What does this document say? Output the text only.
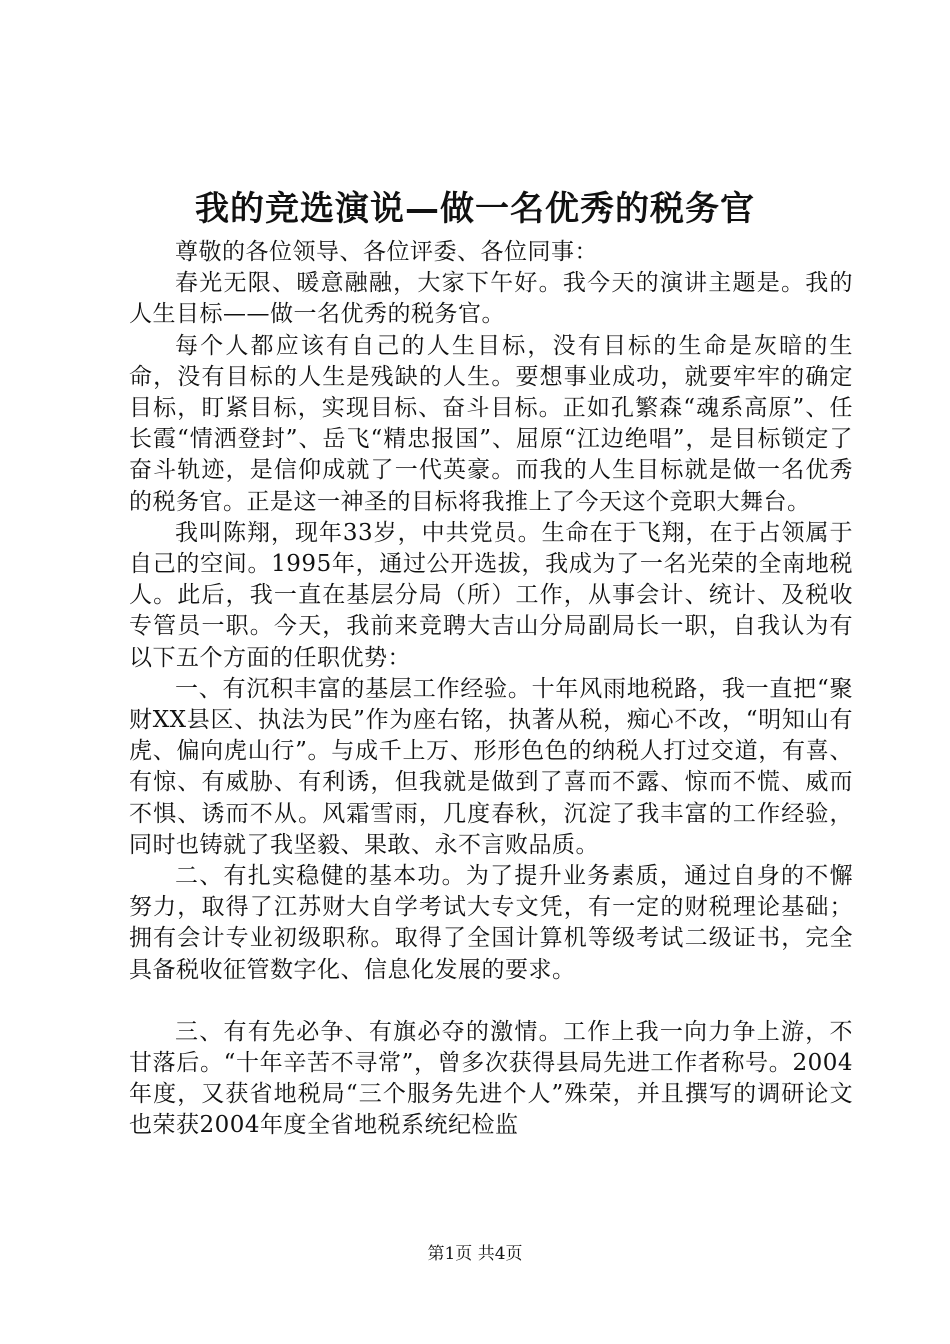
我的竞选演说—做一名优秀的税务官

尊敬的各位领导、各位评委、各位同事：

春光无限、暖意融融，大家下午好。我今天的演讲主题是。我的人生目标——做一名优秀的税务官。

每个人都应该有自己的人生目标，没有目标的生命是灰暗的生命，没有目标的人生是残缺的人生。要想事业成功，就要牢牢的确定目标，盯紧目标，实现目标、奋斗目标。正如孔繁森“魂系高原”、任长霞“情洒登封”、岳飞“精忠报国”、屈原“江边绝唱”，是目标锁定了奋斗轨迹，是信仰成就了一代英豪。而我的人生目标就是做一名优秀的税务官。正是这一神圣的目标将我推上了今天这个竞职大舞台。

我叫陈翔，现年33岁，中共党员。生命在于飞翔，在于占领属于自己的空间。1995年，通过公开选拔，我成为了一名光荣的全南地税人。此后，我一直在基层分局（所）工作，从事会计、统计、及税收专管员一职。今天，我前来竞聘大吉山分局副局长一职，自我认为有以下五个方面的任职优势：

一、有沉积丰富的基层工作经验。十年风雨地税路，我一直把“聚财XX县区、执法为民”作为座右铭，执著从税，痴心不改，“明知山有虎、偏向虎山行”。与成千上万、形形色色的纳税人打过交道，有喜、有惊、有威胁、有利诱，但我就是做到了喜而不露、惊而不慌、威而不惧、诱而不从。风霜雪雨，几度春秋，沉淀了我丰富的工作经验，同时也铸就了我坚毅、果敢、永不言败品质。

二、有扎实稳健的基本功。为了提升业务素质，通过自身的不懈努力，取得了江苏财大自学考试大专文凭，有一定的财税理论基础；拥有会计专业初级职称。取得了全国计算机等级考试二级证书，完全具备税收征管数字化、信息化发展的要求。

三、有有先必争、有旗必夺的激情。工作上我一向力争上游，不甘落后。“十年辛苦不寻常”，曾多次获得县局先进工作者称号。2004年度，又获省地税局“三个服务先进个人”殊荣，并且撰写的调研论文也荣获2004年度全省地税系统纪检监

第1页 共4页
